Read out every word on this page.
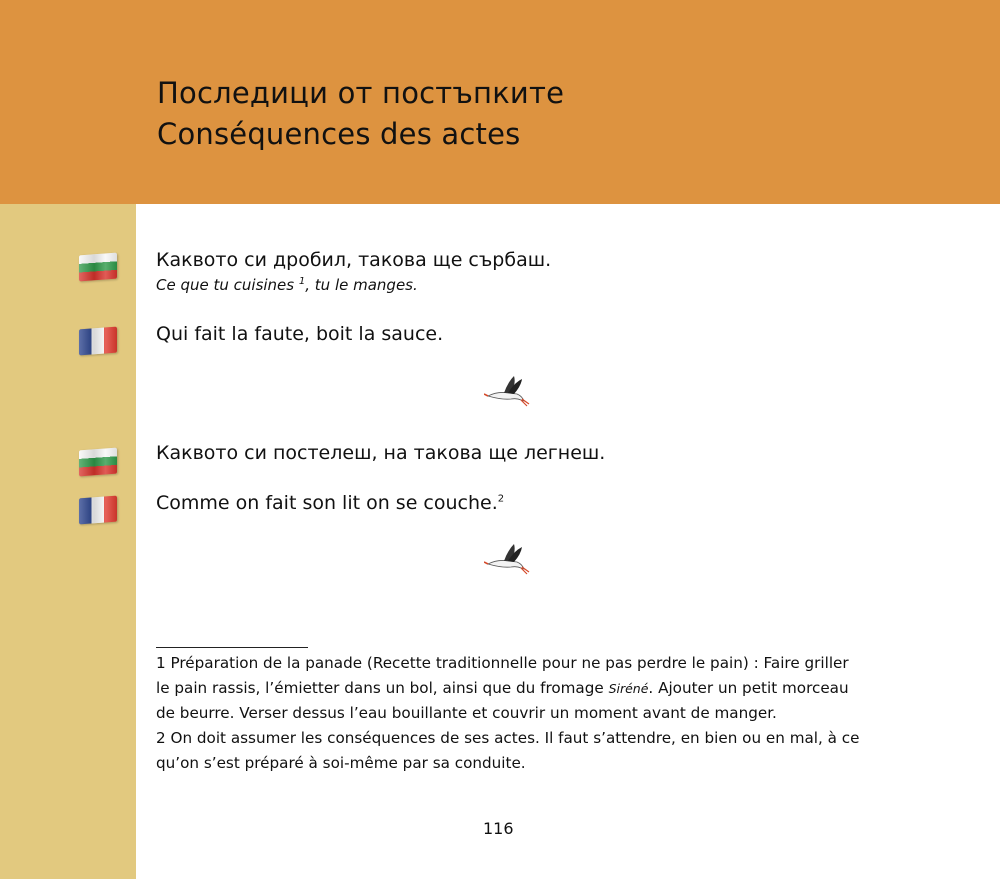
Последици от постъпките
Conséquences des actes

Каквото си дробил, такова ще сърбаш.

Ce que tu cuisines $^1$, tu le manges.

Qui fait la faute, boit la sauce.

Каквото си постелеш, на такова ще легнеш.

Comme on fait son lit on se couche.$^2$

1 Préparation de la panade (Recette traditionnelle pour ne pas perdre le pain) : Faire griller le pain rassis, l’émietter dans un bol, ainsi que du fromage Siréné. Ajouter un petit morceau de beurre. Verser dessus l’eau bouillante et couvrir un moment avant de manger.

2 On doit assumer les conséquences de ses actes. Il faut s’attendre, en bien ou en mal, à ce qu’on s’est préparé à soi-même par sa conduite.

116
